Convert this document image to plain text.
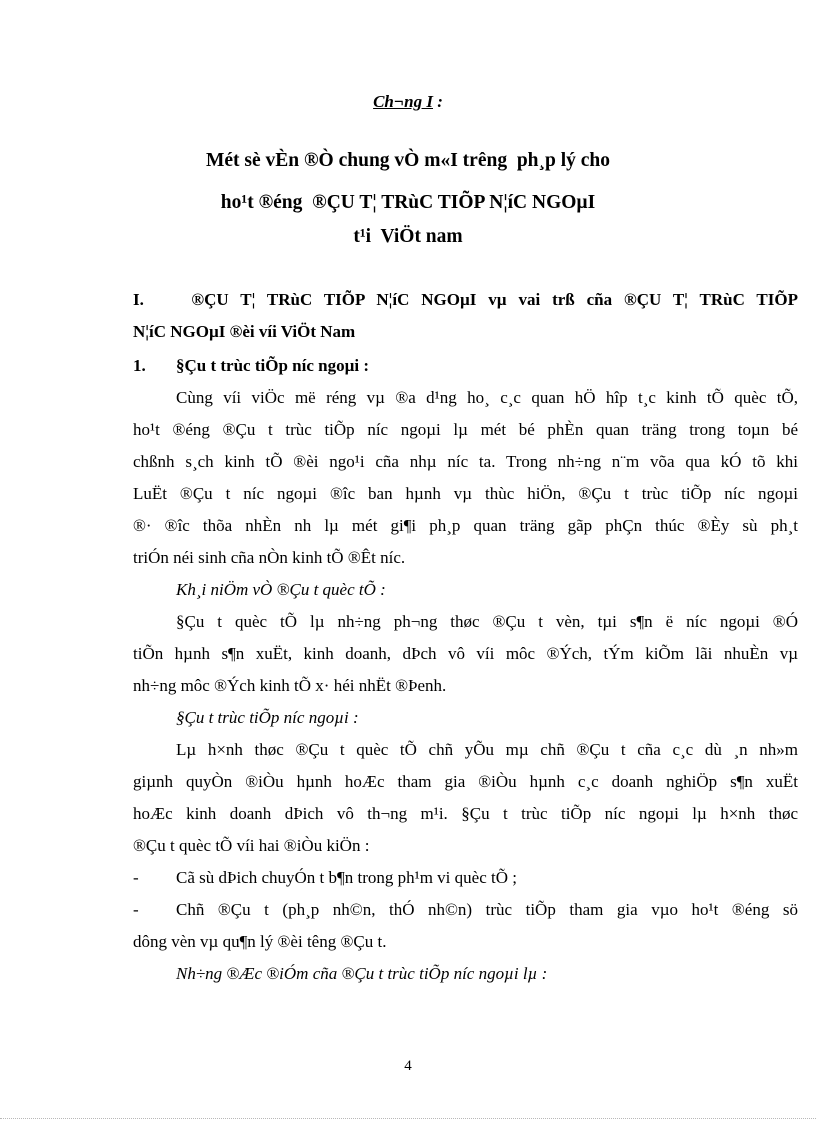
Ch¬ng I :
Mét sè vÈn ®Ò chung vÒ m«I trêng  ph¸p lý cho
ho¹t ®éng  ®ÇU T¦ TRùC TIÕP N¦íC NGOµI
t¹i  ViÖt nam
I.    ®ÇU T¦ TRùC TIÕP N¦íC NGOµI vµ vai trß cña ®ÇU T¦ TRùC TIÕP
N¦íC NGOµI ®èi víi ViÖt Nam
1. §Çu t trùc tiÕp níc ngoµi :
Cùng víi viÖc më réng vµ ®a d¹ng ho¸ c¸c quan hÖ hîp t¸c kinh tÕ quèc tÕ,
ho¹t ®éng ®Çu t trùc tiÕp níc ngoµi lµ mét bé phÈn quan träng trong toµn bé
chßnh s¸ch kinh tÕ ®èi ngo¹i cña nhµ níc ta. Trong nh÷ng n¨m võa qua kÓ tõ khi
LuËt ®Çu t níc ngoµi ®îc ban hµnh vµ thùc hiÖn, ®Çu t trùc tiÕp níc ngoµi
®· ®îc thõa nhÈn nh lµ mét gi¶i ph¸p quan träng gãp phÇn thúc ®Èy sù ph¸t
triÓn néi sinh cña nÒn kinh tÕ ®Êt níc.
Kh¸i niÖm vÒ ®Çu t quèc tÕ :
§Çu t quèc tÕ lµ nh÷ng ph¬ng thøc ®Çu t vèn, tµi s¶n ë níc ngoµi ®Ó
tiÕn hµnh s¶n xuËt, kinh doanh, dÞch vô víi môc ®Ých, tÝm kiÕm lãi nhuÈn vµ
nh÷ng môc ®Ých kinh tÕ x· héi nhËt ®Þenh.
§Çu t trùc tiÕp níc ngoµi :
Lµ h×nh thøc ®Çu t quèc tÕ chñ yÕu mµ chñ ®Çu t cña c¸c dù ¸n nh»m
giµnh quyÒn ®iÒu hµnh hoÆc tham gia ®iÒu hµnh c¸c doanh nghiÖp s¶n xuËt
hoÆc kinh doanh dÞich vô th¬ng m¹i. §Çu t trùc tiÕp níc ngoµi lµ h×nh thøc
®Çu t quèc tÕ víi hai ®iÒu kiÖn :
- Cã sù dÞich chuyÓn t b¶n trong ph¹m vi quèc tÕ ;
- Chñ ®Çu t (ph¸p nh©n, thÓ nh©n) trùc tiÕp tham gia vµo ho¹t ®éng sö
dông vèn vµ qu¶n lý ®èi têng ®Çu t.
Nh÷ng ®Æc ®iÓm cña ®Çu t trùc tiÕp níc ngoµi lµ :
4
